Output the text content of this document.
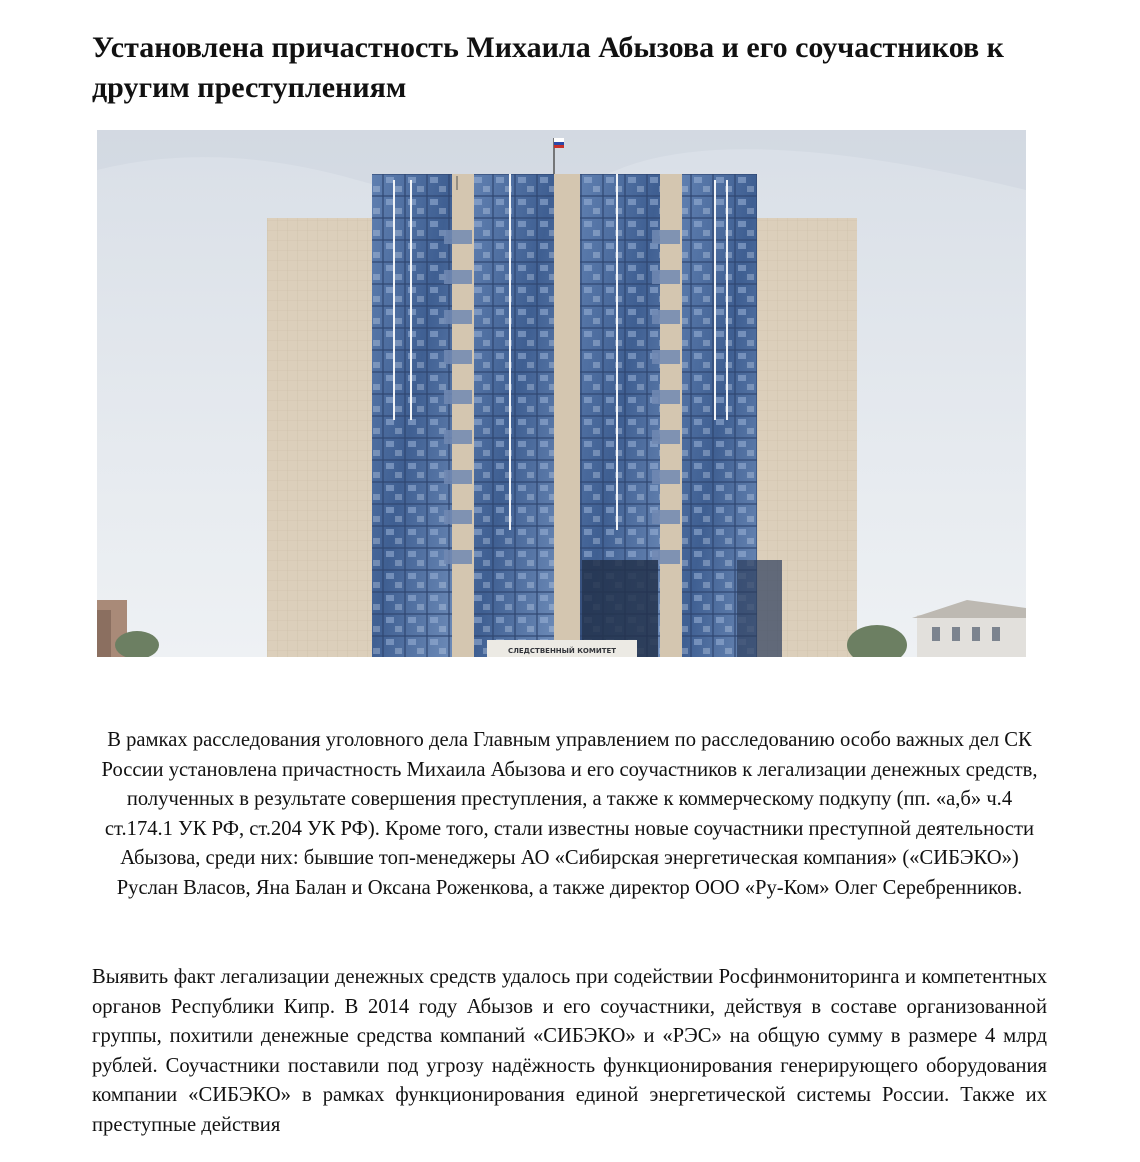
Установлена причастность Михаила Абызова и его соучастников к другим преступлениям
СЛЕДСТВЕННЫЙ КОМИТЕТ

В рамках расследования уголовного дела Главным управлением по расследованию особо важных дел СК России установлена причастность Михаила Абызова и его соучастников к легализации денежных средств, полученных в результате совершения преступления, а также к коммерческому подкупу (пп. «а,б» ч.4 ст.174.1 УК РФ, ст.204 УК РФ). Кроме того, стали известны новые соучастники преступной деятельности Абызова, среди них: бывшие топ-менеджеры АО «Сибирская энергетическая компания» («СИБЭКО») Руслан Власов, Яна Балан и Оксана Роженкова, а также директор ООО «Ру-Ком» Олег Серебренников.

Выявить факт легализации денежных средств удалось при содействии Росфинмониторинга и компетентных органов Республики Кипр. В 2014 году Абызов и его соучастники, действуя в составе организованной группы, похитили денежные средства компаний «СИБЭКО» и «РЭС» на общую сумму в размере 4 млрд рублей. Соучастники поставили под угрозу надёжность функционирования генерирующего оборудования компании «СИБЭКО» в рамках функционирования единой энергетической системы России. Также их преступные действия
